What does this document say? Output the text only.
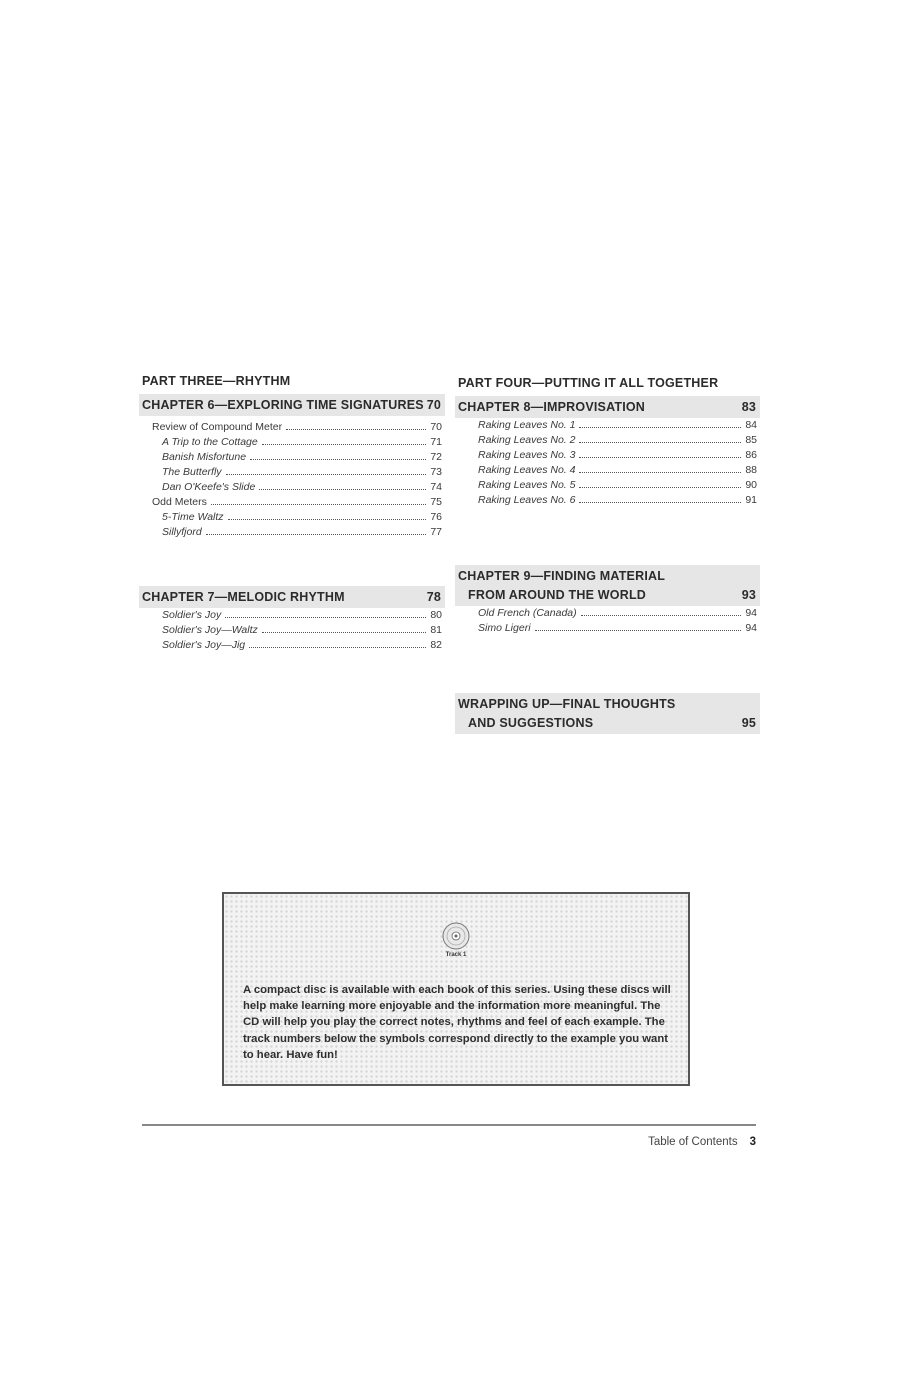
PART THREE—RHYTHM
CHAPTER 6—EXPLORING TIME SIGNATURES 70
Review of Compound Meter	70
A Trip to the Cottage	71
Banish Misfortune	72
The Butterfly	73
Dan O'Keefe's Slide	74
Odd Meters	75
5-Time Waltz	76
Sillyfjord	77
CHAPTER 7—MELODIC RHYTHM	78
Soldier's Joy	80
Soldier's Joy—Waltz	81
Soldier's Joy—Jig	82
PART FOUR—PUTTING IT ALL TOGETHER
CHAPTER 8—IMPROVISATION	83
Raking Leaves No. 1	84
Raking Leaves No. 2	85
Raking Leaves No. 3	86
Raking Leaves No. 4	88
Raking Leaves No. 5	90
Raking Leaves No. 6	91
CHAPTER 9—FINDING MATERIAL
FROM AROUND THE WORLD	93
Old French (Canada)	94
Simo Ligeri	94
WRAPPING UP—FINAL THOUGHTS
AND SUGGESTIONS	95
Track 1
A compact disc is available with each book of this series. Using these discs will help make learning more enjoyable and the information more meaningful. The CD will help you play the correct notes, rhythms and feel of each example. The track numbers below the symbols correspond directly to the example you want to hear. Have fun!
Table of Contents 3
